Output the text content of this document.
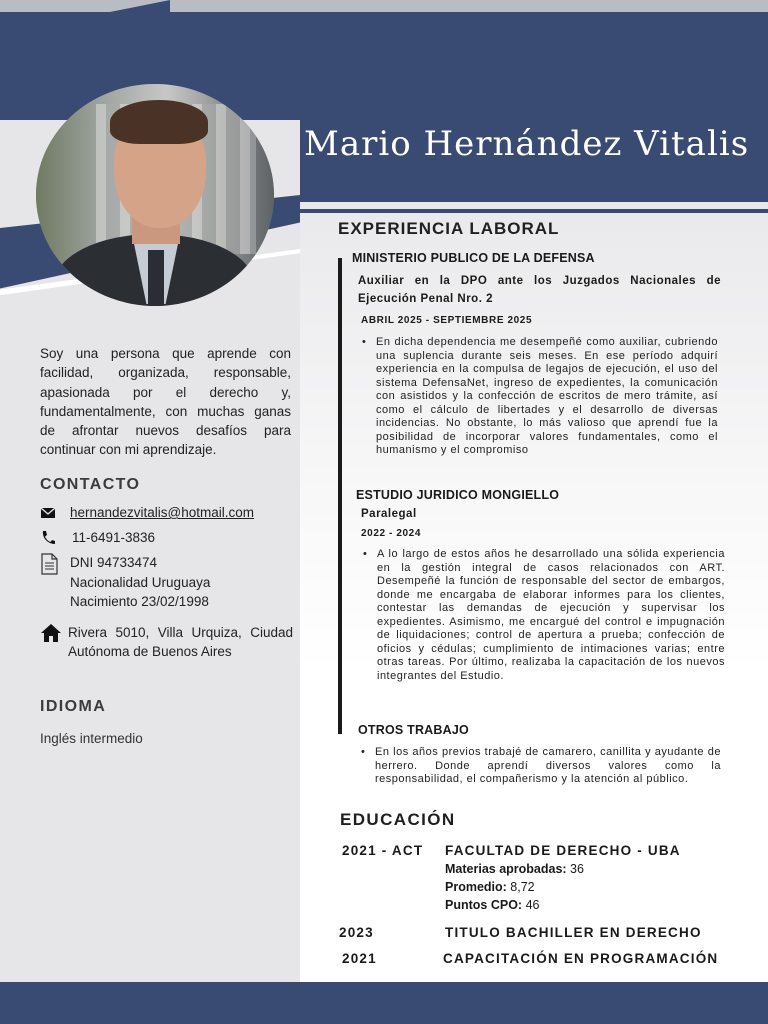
Mario Hernández Vitalis
Soy una persona que aprende con facilidad, organizada, responsable, apasionada por el derecho y, fundamentalmente, con muchas ganas de afrontar nuevos desafíos para continuar con mi aprendizaje.
CONTACTO
hernandezvitalis@hotmail.com
11-6491-3836
DNI 94733474
Nacionalidad Uruguaya
Nacimiento 23/02/1998
Rivera 5010, Villa Urquiza, Ciudad Autónoma de Buenos Aires
IDIOMA
Inglés intermedio
EXPERIENCIA LABORAL
MINISTERIO PUBLICO DE LA DEFENSA
Auxiliar en la DPO ante los Juzgados Nacionales de Ejecución Penal Nro. 2
ABRIL 2025 - SEPTIEMBRE 2025
• En dicha dependencia me desempeñé como auxiliar, cubriendo una suplencia durante seis meses. En ese período adquirí experiencia en la compulsa de legajos de ejecución, el uso del sistema DefensaNet, ingreso de expedientes, la comunicación con asistidos y la confección de escritos de mero trámite, así como el cálculo de libertades y el desarrollo de diversas incidencias. No obstante, lo más valioso que aprendí fue la posibilidad de incorporar valores fundamentales, como el humanismo y el compromiso
ESTUDIO JURIDICO MONGIELLO
Paralegal
2022 - 2024
• A lo largo de estos años he desarrollado una sólida experiencia en la gestión integral de casos relacionados con ART. Desempeñé la función de responsable del sector de embargos, donde me encargaba de elaborar informes para los clientes, contestar las demandas de ejecución y supervisar los expedientes. Asimismo, me encargué del control e impugnación de liquidaciones; control de apertura a prueba; confección de oficios y cédulas; cumplimiento de intimaciones varias; entre otras tareas. Por último, realizaba la capacitación de los nuevos integrantes del Estudio.
OTROS TRABAJO
• En los años previos trabajé de camarero, canillita y ayudante de herrero. Donde aprendí diversos valores como la responsabilidad, el compañerismo y la atención al público.
EDUCACIÓN
2021 - ACT FACULTAD DE DERECHO - UBA
Materias aprobadas: 36
Promedio: 8,72
Puntos CPO: 46
2023	TITULO BACHILLER EN DERECHO
2021	CAPACITACIÓN EN PROGRAMACIÓN
